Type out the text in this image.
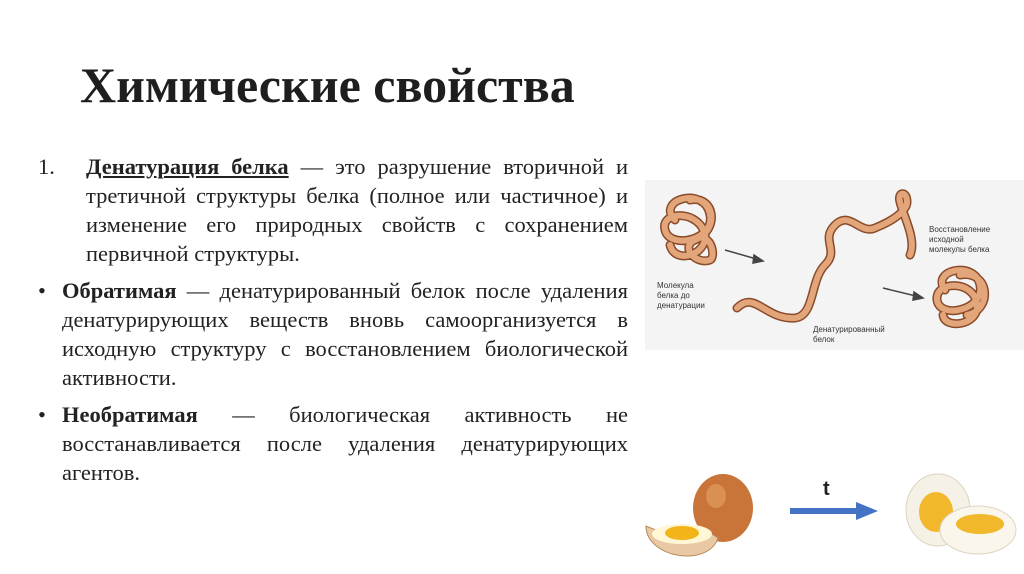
Химические свойства
1.	Денатурация белка — это разрушение вторичной и третичной структуры белка (полное или частичное) и изменение его природных свойств с сохранением первичной структуры.

• Обратимая — денатурированный белок после удаления денатурирующих веществ вновь самоорганизуется в исходную структуру с восстановлением биологической активности.

• Необратимая — биологическая активность не восстанавливается после удаления денатурирующих агентов.

Молекула белка до денатурации
Денатурированный белок
Восстановление исходной молекулы белка
t
